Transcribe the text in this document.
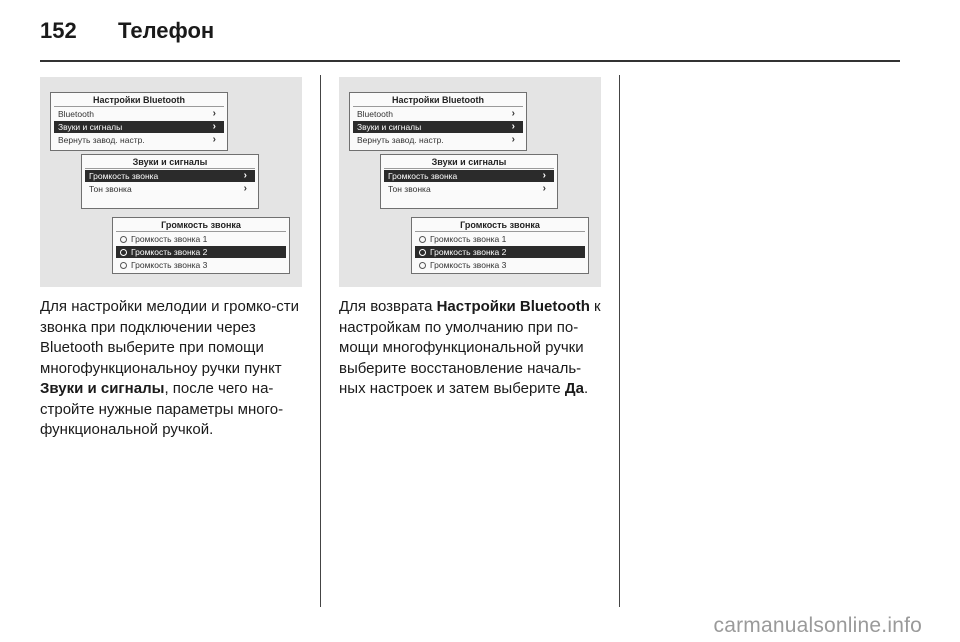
152 Телефон
Настройки Bluetooth
Bluetooth	›
Звуки и сигналы	›
Вернуть завод. настр.	›
Звуки и сигналы
Громкость звонка	›
Тон звонка	›
Громкость звонка
Громкость звонка 1
Громкость звонка 2
Громкость звонка 3
Настройки Bluetooth
Bluetooth	›
Звуки и сигналы	›
Вернуть завод. настр.	›
Звуки и сигналы
Громкость звонка	›
Тон звонка	›
Громкость звонка
Громкость звонка 1
Громкость звонка 2
Громкость звонка 3
Для настройки мелодии и громко-сти звонка при подключении через Bluetooth выберите при помощи многофункциональноу ручки пункт Звуки и сигналы, после чего на-стройте нужные параметры много-функциональной ручкой.
Для возврата Настройки Bluetooth к настройкам по умолчанию при по-мощи многофункциональной ручки выберите восстановление началь-ных настроек и затем выберите Да.
carmanualsonline.info
